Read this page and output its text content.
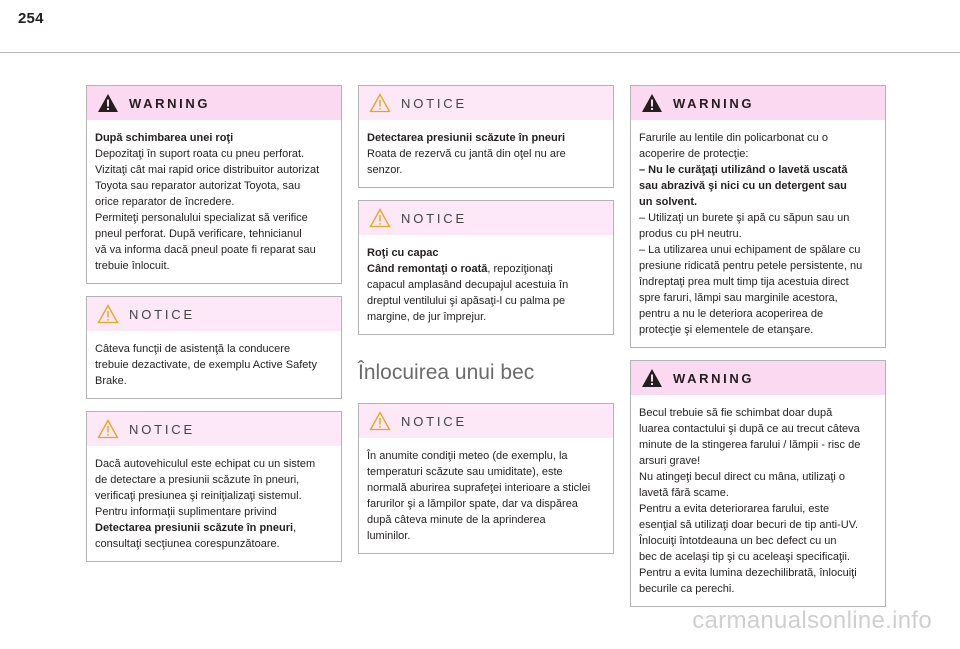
254
WARNING

După schimbarea unei roţi

Depozitaţi în suport roata cu pneu perforat.

Vizitaţi cât mai rapid orice distribuitor autorizat

Toyota sau reparator autorizat Toyota, sau

orice reparator de încredere.

Permiteţi personalului specializat să verifice

pneul perforat. După verificare, tehnicianul

vă va informa dacă pneul poate fi reparat sau

trebuie înlocuit.

NOTICE

Câteva funcţii de asistenţă la conducere

trebuie dezactivate, de exemplu Active Safety

Brake.

NOTICE

Dacă autovehiculul este echipat cu un sistem

de detectare a presiunii scăzute în pneuri,

verificaţi presiunea şi reiniţializaţi sistemul.

Pentru informaţii suplimentare privind

Detectarea presiunii scăzute în pneuri,

consultaţi secţiunea corespunzătoare.

NOTICE

Detectarea presiunii scăzute în pneuri

Roata de rezervă cu jantă din oţel nu are

senzor.

NOTICE

Roţi cu capac

Când remontaţi o roată, repoziţionaţi

capacul amplasând decupajul acestuia în

dreptul ventilului şi apăsaţi-l cu palma pe

margine, de jur împrejur.

Înlocuirea unui bec
NOTICE

În anumite condiţii meteo (de exemplu, la

temperaturi scăzute sau umiditate), este

normală aburirea suprafeţei interioare a sticlei

farurilor şi a lămpilor spate, dar va dispărea

după câteva minute de la aprinderea

luminilor.

WARNING

Farurile au lentile din policarbonat cu o

acoperire de protecţie:

– Nu le curăţaţi utilizând o lavetă uscată

sau abrazivă şi nici cu un detergent sau

un solvent.

– Utilizaţi un burete şi apă cu săpun sau un

produs cu pH neutru.

– La utilizarea unui echipament de spălare cu

presiune ridicată pentru petele persistente, nu

îndreptaţi prea mult timp tija acestuia direct

spre faruri, lămpi sau marginile acestora,

pentru a nu le deteriora acoperirea de

protecţie şi elementele de etanşare.

WARNING

Becul trebuie să fie schimbat doar după

luarea contactului şi după ce au trecut câteva

minute de la stingerea farului / lămpii - risc de

arsuri grave!

Nu atingeţi becul direct cu mâna, utilizaţi o

lavetă fără scame.

Pentru a evita deteriorarea farului, este

esenţial să utilizaţi doar becuri de tip anti-UV.

Înlocuiţi întotdeauna un bec defect cu un

bec de acelaşi tip şi cu aceleaşi specificaţii.

Pentru a evita lumina dezechilibrată, înlocuiţi

becurile ca perechi.

carmanualsonline.info
